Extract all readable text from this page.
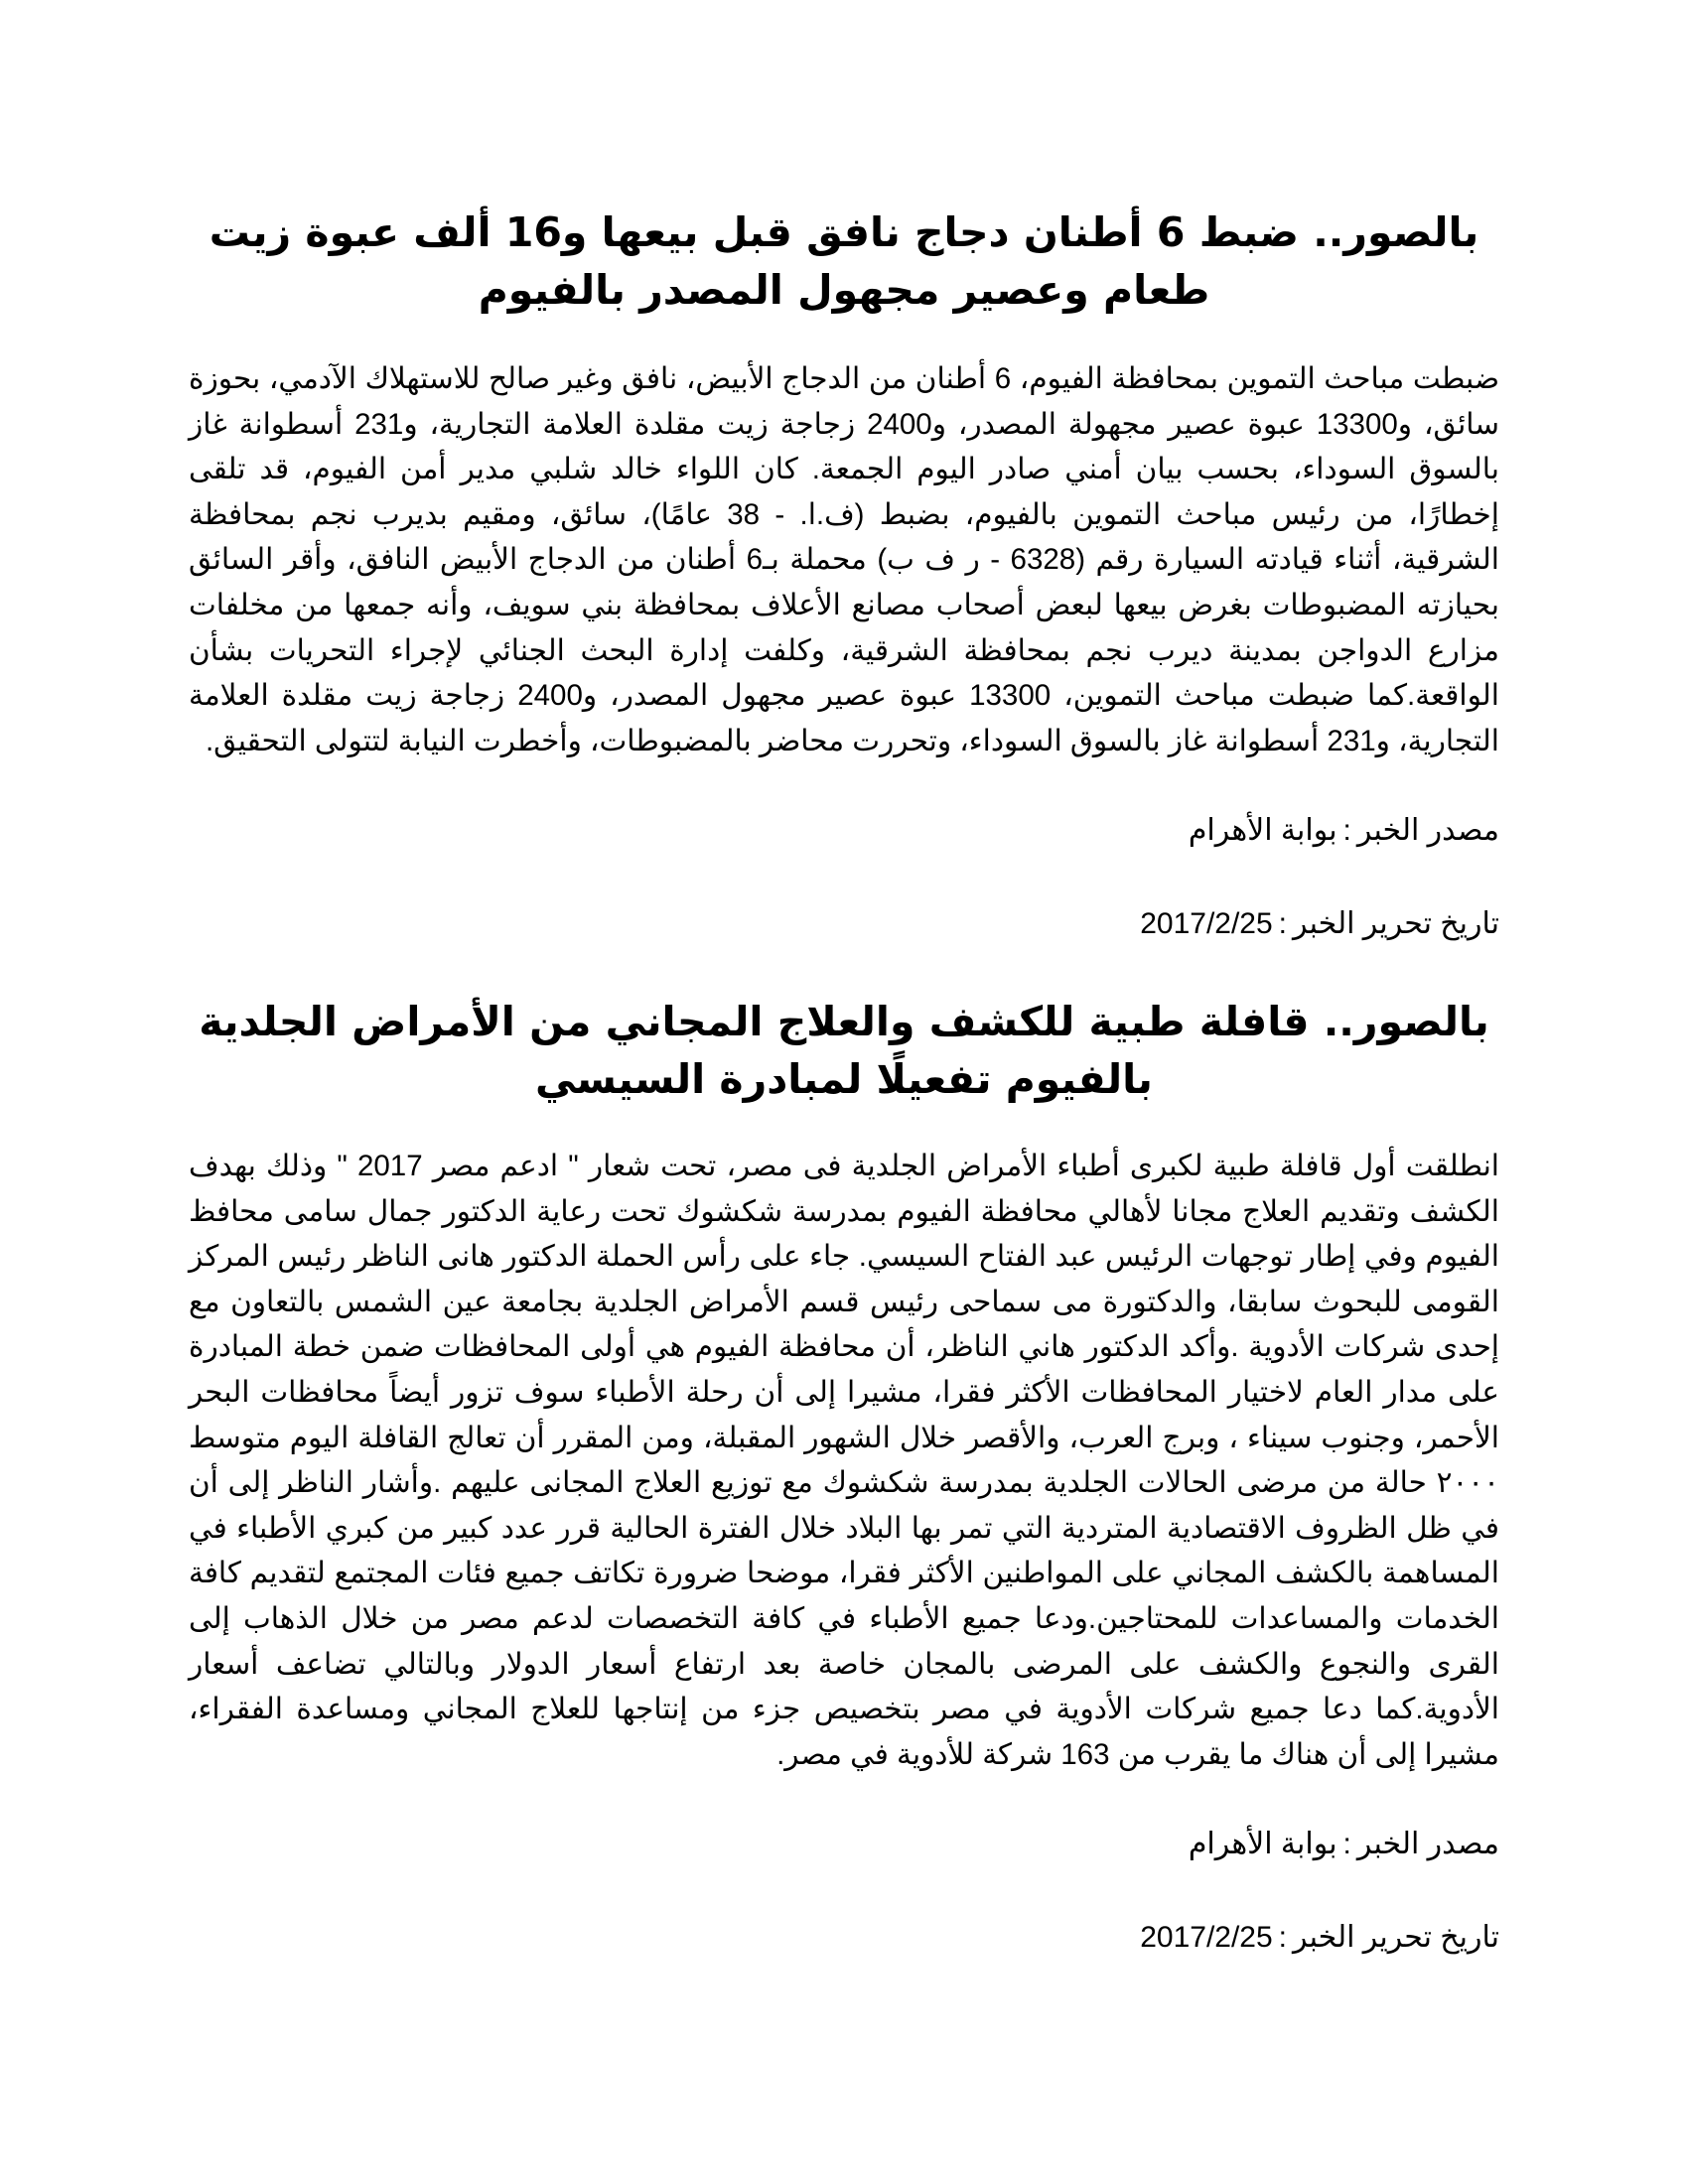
بالصور.. ضبط 6 أطنان دجاج نافق قبل بيعها و16 ألف عبوة زيت طعام وعصير مجهول المصدر بالفيوم

ضبطت مباحث التموين بمحافظة الفيوم، 6 أطنان من الدجاج الأبيض، نافق وغير صالح للاستهلاك الآدمي، بحوزة سائق، و13300 عبوة عصير مجهولة المصدر، و2400 زجاجة زيت مقلدة العلامة التجارية، و231 أسطوانة غاز بالسوق السوداء، بحسب بيان أمني صادر اليوم الجمعة. كان اللواء خالد شلبي مدير أمن الفيوم، قد تلقى إخطارًا، من رئيس مباحث التموين بالفيوم، بضبط (ف.ا. - 38 عامًا)، سائق، ومقيم بديرب نجم بمحافظة الشرقية، أثناء قيادته السيارة رقم (6328 - ر ف ب) محملة بـ6 أطنان من الدجاج الأبيض النافق، وأقر السائق بحيازته المضبوطات بغرض بيعها لبعض أصحاب مصانع الأعلاف بمحافظة بني سويف، وأنه جمعها من مخلفات مزارع الدواجن بمدينة ديرب نجم بمحافظة الشرقية، وكلفت إدارة البحث الجنائي لإجراء التحريات بشأن الواقعة.كما ضبطت مباحث التموين، 13300 عبوة عصير مجهول المصدر، و2400 زجاجة زيت مقلدة العلامة التجارية، و231 أسطوانة غاز بالسوق السوداء، وتحررت محاضر بالمضبوطات، وأخطرت النيابة لتتولى التحقيق.

مصدر الخبر:بوابة الأهرام

تاريخ تحرير الخبر:2017/2/25

بالصور.. قافلة طبية للكشف والعلاج المجاني من الأمراض الجلدية بالفيوم تفعيلًا لمبادرة السيسي

انطلقت أول قافلة طبية لكبرى أطباء الأمراض الجلدية فى مصر، تحت شعار " ادعم مصر 2017 " وذلك بهدف الكشف وتقديم العلاج مجانا لأهالي محافظة الفيوم بمدرسة شكشوك تحت رعاية الدكتور جمال سامى محافظ الفيوم وفي إطار توجهات الرئيس عبد الفتاح السيسي. جاء على رأس الحملة الدكتور هانى الناظر رئيس المركز القومى للبحوث سابقا، والدكتورة مى سماحى رئيس قسم الأمراض الجلدية بجامعة عين الشمس بالتعاون مع إحدى شركات الأدوية .وأكد الدكتور هاني الناظر، أن محافظة الفيوم هي أولى المحافظات ضمن خطة المبادرة على مدار العام لاختيار المحافظات الأكثر فقرا، مشيرا إلى أن رحلة الأطباء سوف تزور أيضاً محافظات البحر الأحمر، وجنوب سيناء ، وبرج العرب، والأقصر خلال الشهور المقبلة، ومن المقرر أن تعالج القافلة اليوم متوسط ٢٠٠٠ حالة من مرضى الحالات الجلدية بمدرسة شكشوك مع توزيع العلاج المجانى عليهم .وأشار الناظر إلى أن في ظل الظروف الاقتصادية المتردية التي تمر بها البلاد خلال الفترة الحالية قرر عدد كبير من كبري الأطباء في المساهمة بالكشف المجاني على المواطنين الأكثر فقرا، موضحا ضرورة تكاتف جميع فئات المجتمع لتقديم كافة الخدمات والمساعدات للمحتاجين.ودعا جميع الأطباء في كافة التخصصات لدعم مصر من خلال الذهاب إلى القرى والنجوع والكشف على المرضى بالمجان خاصة بعد ارتفاع أسعار الدولار وبالتالي تضاعف أسعار الأدوية.كما دعا جميع شركات الأدوية في مصر بتخصيص جزء من إنتاجها للعلاج المجاني ومساعدة الفقراء، مشيرا إلى أن هناك ما يقرب من 163 شركة للأدوية في مصر.

مصدر الخبر:بوابة الأهرام

تاريخ تحرير الخبر:2017/2/25
